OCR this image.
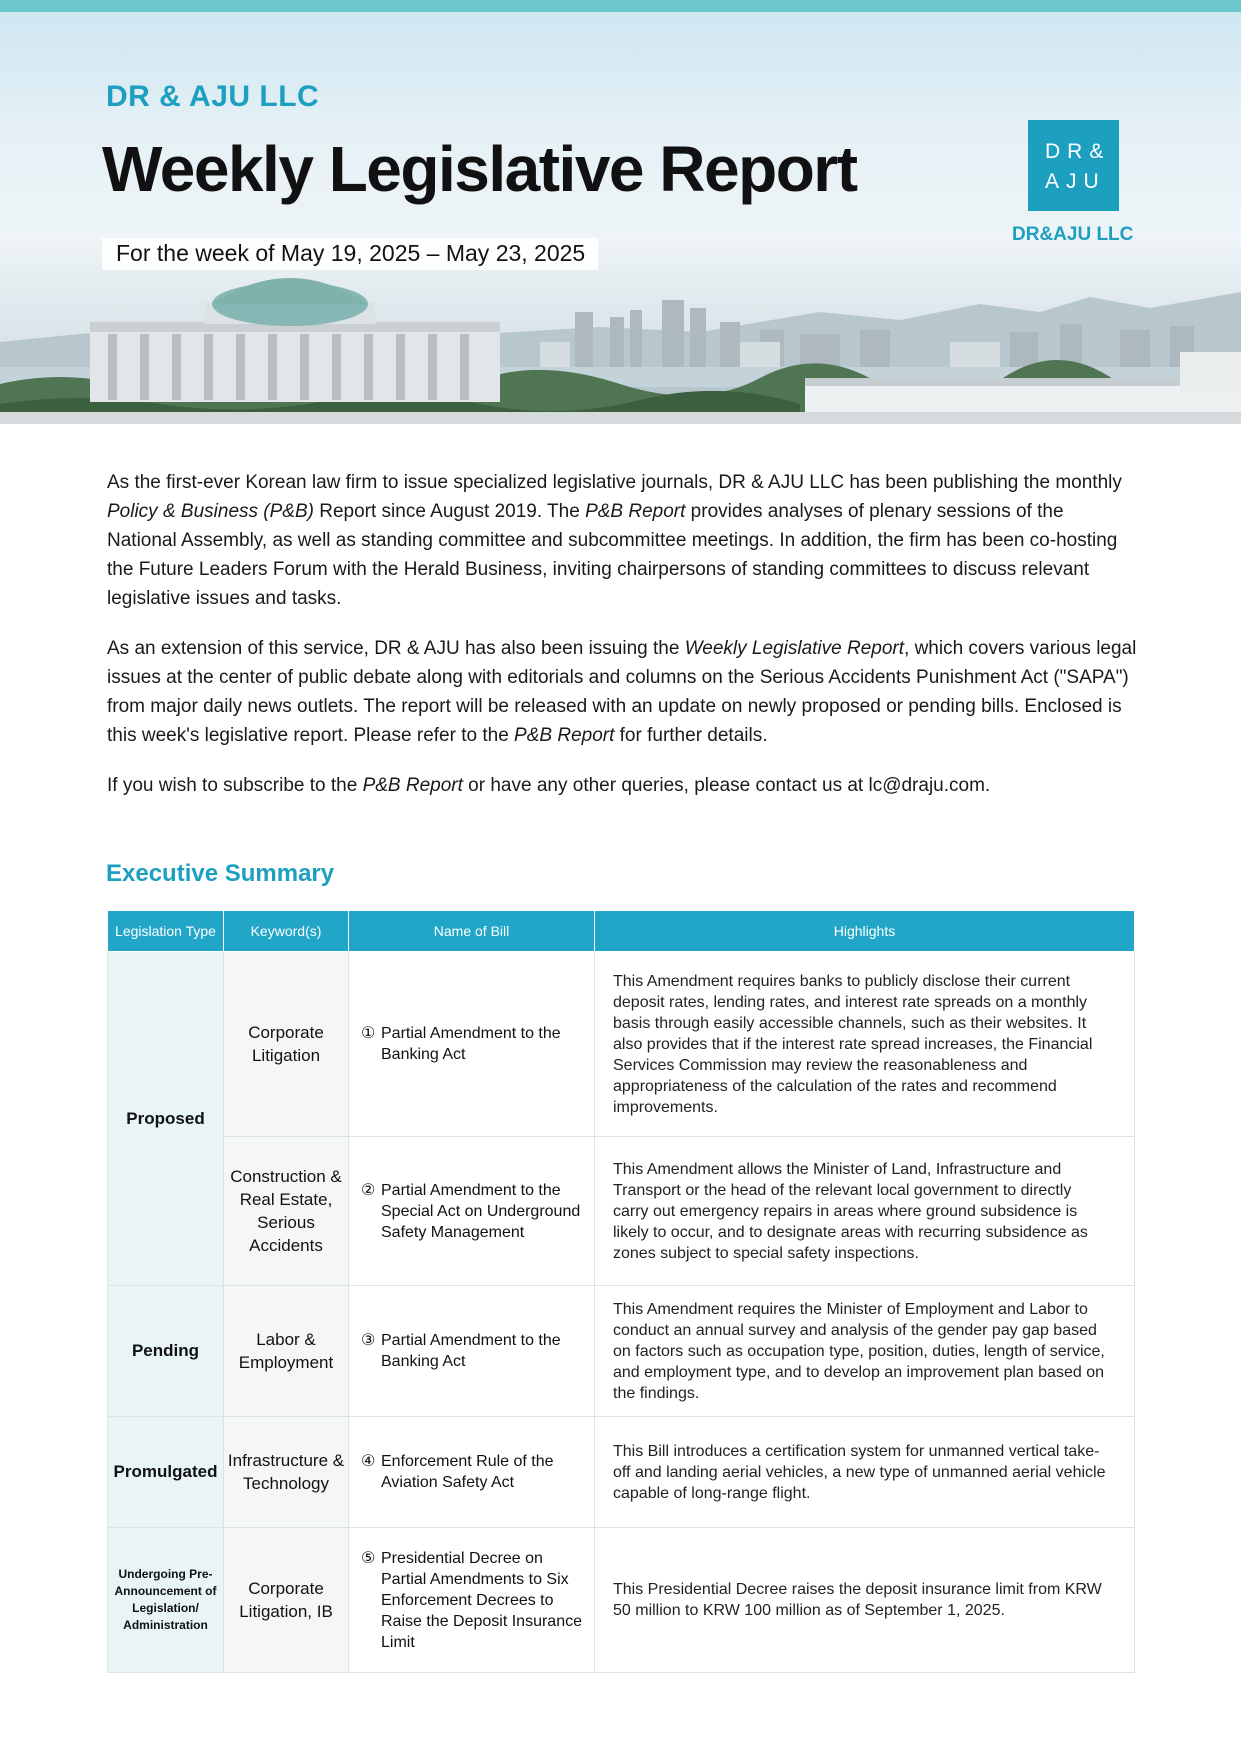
DR & AJU LLC
Weekly Legislative Report
For the week of May 19, 2025 – May 23, 2025
DR&
AJU
DR&AJU LLC

As the first-ever Korean law firm to issue specialized legislative journals, DR & AJU LLC has been publishing the monthly Policy & Business (P&B) Report since August 2019. The P&B Report provides analyses of plenary sessions of the National Assembly, as well as standing committee and subcommittee meetings. In addition, the firm has been co-hosting the Future Leaders Forum with the Herald Business, inviting chairpersons of standing committees to discuss relevant legislative issues and tasks.

As an extension of this service, DR & AJU has also been issuing the Weekly Legislative Report, which covers various legal issues at the center of public debate along with editorials and columns on the Serious Accidents Punishment Act ("SAPA") from major daily news outlets. The report will be released with an update on newly proposed or pending bills. Enclosed is this week's legislative report. Please refer to the P&B Report for further details.

If you wish to subscribe to the P&B Report or have any other queries, please contact us at lc@draju.com.

Executive Summary
Legislation Type	Keyword(s)	Name of Bill	Highlights
Proposed	Corporate Litigation	① Partial Amendment to the Banking Act	This Amendment requires banks to publicly disclose their current deposit rates, lending rates, and interest rate spreads on a monthly basis through easily accessible channels, such as their websites. It also provides that if the interest rate spread increases, the Financial Services Commission may review the reasonableness and appropriateness of the calculation of the rates and recommend improvements.
	Construction & Real Estate, Serious Accidents	② Partial Amendment to the Special Act on Underground Safety Management	This Amendment allows the Minister of Land, Infrastructure and Transport or the head of the relevant local government to directly carry out emergency repairs in areas where ground subsidence is likely to occur, and to designate areas with recurring subsidence as zones subject to special safety inspections.
Pending	Labor & Employment	③ Partial Amendment to the Banking Act	This Amendment requires the Minister of Employment and Labor to conduct an annual survey and analysis of the gender pay gap based on factors such as occupation type, position, duties, length of service, and employment type, and to develop an improvement plan based on the findings.
Promulgated	Infrastructure & Technology	④ Enforcement Rule of the Aviation Safety Act	This Bill introduces a certification system for unmanned vertical take-off and landing aerial vehicles, a new type of unmanned aerial vehicle capable of long-range flight.
Undergoing Pre-Announcement of Legislation/ Administration	Corporate Litigation, IB	⑤ Presidential Decree on Partial Amendments to Six Enforcement Decrees to Raise the Deposit Insurance Limit	This Presidential Decree raises the deposit insurance limit from KRW 50 million to KRW 100 million as of September 1, 2025.
